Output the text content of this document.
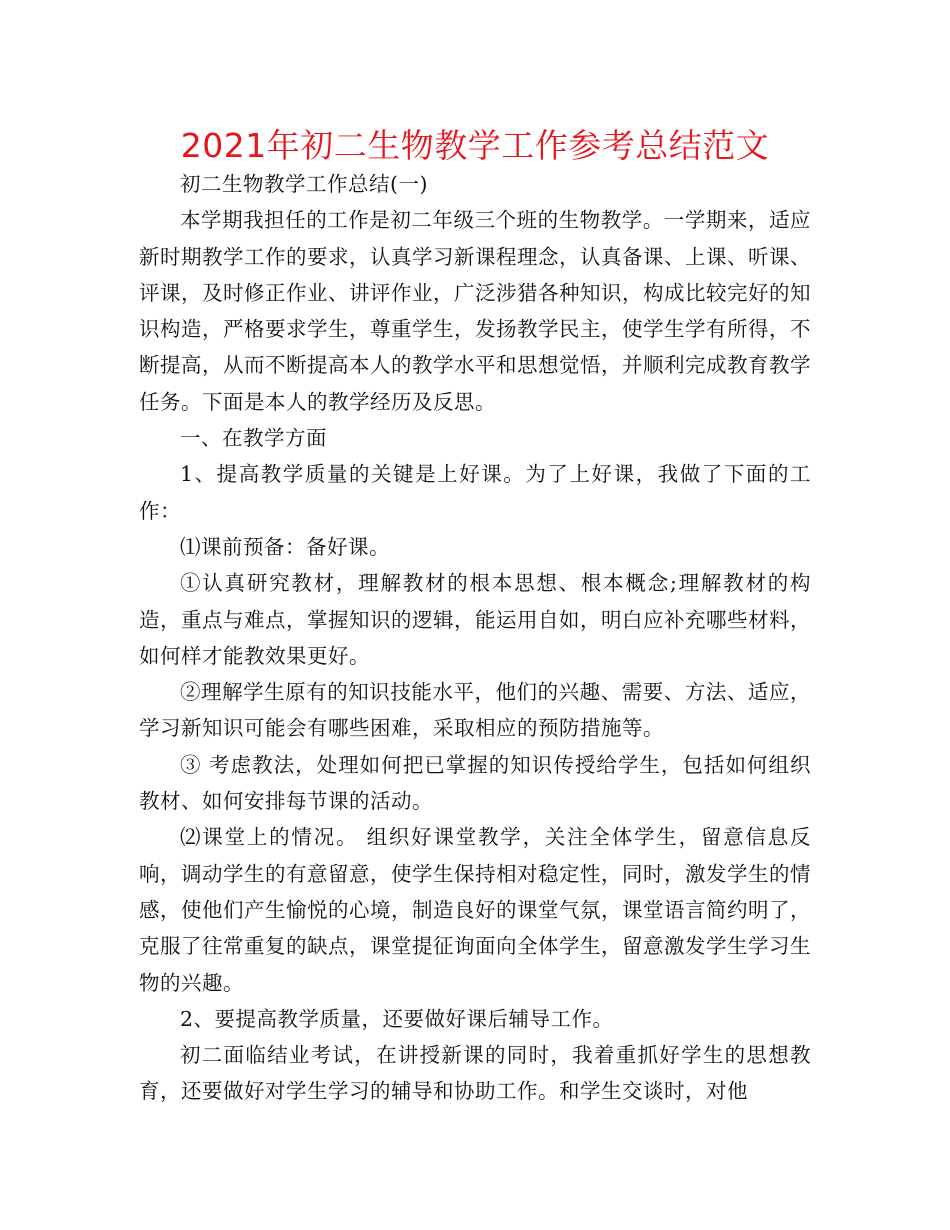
2021年初二生物教学工作参考总结范文

初二生物教学工作总结(一)

本学期我担任的工作是初二年级三个班的生物教学。一学期来，适应新时期教学工作的要求，认真学习新课程理念，认真备课、上课、听课、评课，及时修正作业、讲评作业，广泛涉猎各种知识，构成比较完好的知识构造，严格要求学生，尊重学生，发扬教学民主，使学生学有所得，不断提高，从而不断提高本人的教学水平和思想觉悟，并顺利完成教育教学任务。下面是本人的教学经历及反思。

一、在教学方面

1、提高教学质量的关键是上好课。为了上好课，我做了下面的工作：

⑴课前预备：备好课。

①认真研究教材，理解教材的根本思想、根本概念;理解教材的构造，重点与难点，掌握知识的逻辑，能运用自如，明白应补充哪些材料，如何样才能教效果更好。

②理解学生原有的知识技能水平，他们的兴趣、需要、方法、适应，学习新知识可能会有哪些困难，采取相应的预防措施等。

③ 考虑教法，处理如何把已掌握的知识传授给学生，包括如何组织教材、如何安排每节课的活动。

⑵课堂上的情况。 组织好课堂教学，关注全体学生，留意信息反响，调动学生的有意留意，使学生保持相对稳定性，同时，激发学生的情感，使他们产生愉悦的心境，制造良好的课堂气氛，课堂语言简约明了，克服了往常重复的缺点，课堂提征询面向全体学生，留意激发学生学习生物的兴趣。

2、要提高教学质量，还要做好课后辅导工作。

初二面临结业考试，在讲授新课的同时，我着重抓好学生的思想教育，还要做好对学生学习的辅导和协助工作。和学生交谈时，对他
